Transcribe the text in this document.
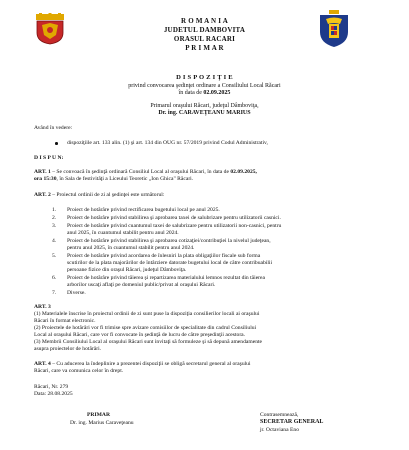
R O M A N I A
JUDETUL DAMBOVITA
ORASUL RACARI
P R I M A R
D I S P O Z I Ţ I E
privind convocarea şedinţei ordinare a Consiliului Local Răcari
în data de 02.09.2025
Primarul oraşului Răcari, judeţul Dâmboviţa,
Dr. ing. CARAVEŢEANU MARIUS
Având în vedere:
dispoziţiile art. 133 alin. (1) şi art. 134 din OUG nr. 57/2019 privind Codul Administrativ,
D I S P U N:
ART. 1 – Se convoacă în şedinţă ordinară Consiliul Local al oraşului Răcari, în data de 02.09.2025,
ora 15:30, în Sala de festivităţi a Liceului Teoretic „Ion Ghica" Răcari.
ART. 2 – Proiectul ordinii de zi al şedinţei este următorul:
1. Proiect de hotărâre privind rectificarea bugetului local pe anul 2025.
2. Proiect de hotărâre privind stabilirea şi aprobarea taxei de salubrizare pentru utilizatorii casnici.
3. Proiect de hotărâre privind cuantumul taxei de salubrizare pentru utilizatorii non-casnici, pentru
anul 2025, în cuantumul stabilit pentru anul 2024.
4. Proiect de hotărâre privind stabilirea şi aprobarea cotizaţiei/contribuţiei la nivelul judeţean,
pentru anul 2025, în cuantumul stabilit pentru anul 2024.
5. Proiect de hotărâre privind acordarea de înlesniri la plata obligaţiilor fiscale sub forma
scutirilor de la plata majorărilor de întârziere datorate bugetului local de către contribuabilii
persoane fizice din oraşul Răcari, judeţul Dâmboviţa.
6. Proiect de hotărâre privind tăierea şi repartizarea materialului lemnos rezultat din tăierea
arborilor uscaţi aflaţi pe domeniul public/privat al oraşului Răcari.
7. Diverse.
ART. 3
(1) Materialele înscrise în proiectul ordinii de zi sunt puse la dispoziţia consilierilor locali ai oraşului
Răcari în format electronic.
(2) Proiectele de hotărâri vor fi trimise spre avizare comisiilor de specialitate din cadrul Consiliului
Local al oraşului Răcari, care vor fi convocate în şedinţă de lucru de către preşedinţii acestora.
(3) Membrii Consiliului Local al oraşului Răcari sunt invitaţi să formuleze şi să depună amendamente
asupra proiectelor de hotărâri.
ART. 4 – Cu aducerea la îndeplinire a prezentei dispoziţii se obligă secretarul general al oraşului
Răcari, care va comunica celor în drept.
Răcari, Nr. 279
Data: 28.08.2025
PRIMAR
Dr. ing. Marius Caraveţeanu
Contrasemnează,
SECRETAR GENERAL
jr. Octaviana Eno
